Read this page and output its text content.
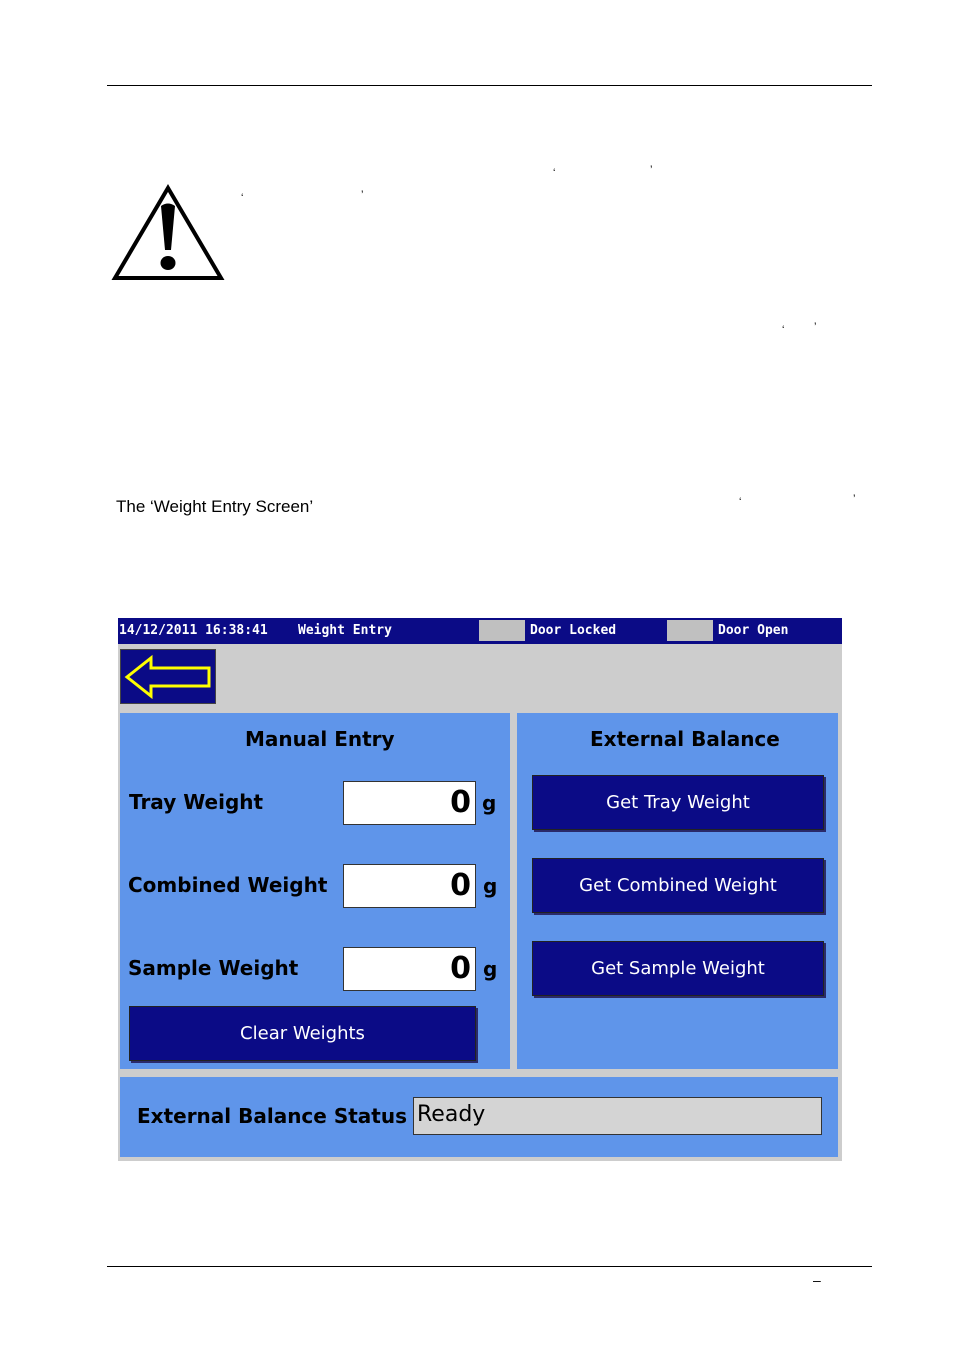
‘	’
‘	’
‘	’
The ‘Weight Entry Screen’	‘	’
14/12/2011 16:38:41 Weight Entry	Door Locked	Door Open
Manual Entry
Tray Weight	0 g
Combined Weight	0 g
Sample Weight	0 g
Clear Weights
External Balance
Get Tray Weight
Get Combined Weight
Get Sample Weight
External Balance Status Ready
–
